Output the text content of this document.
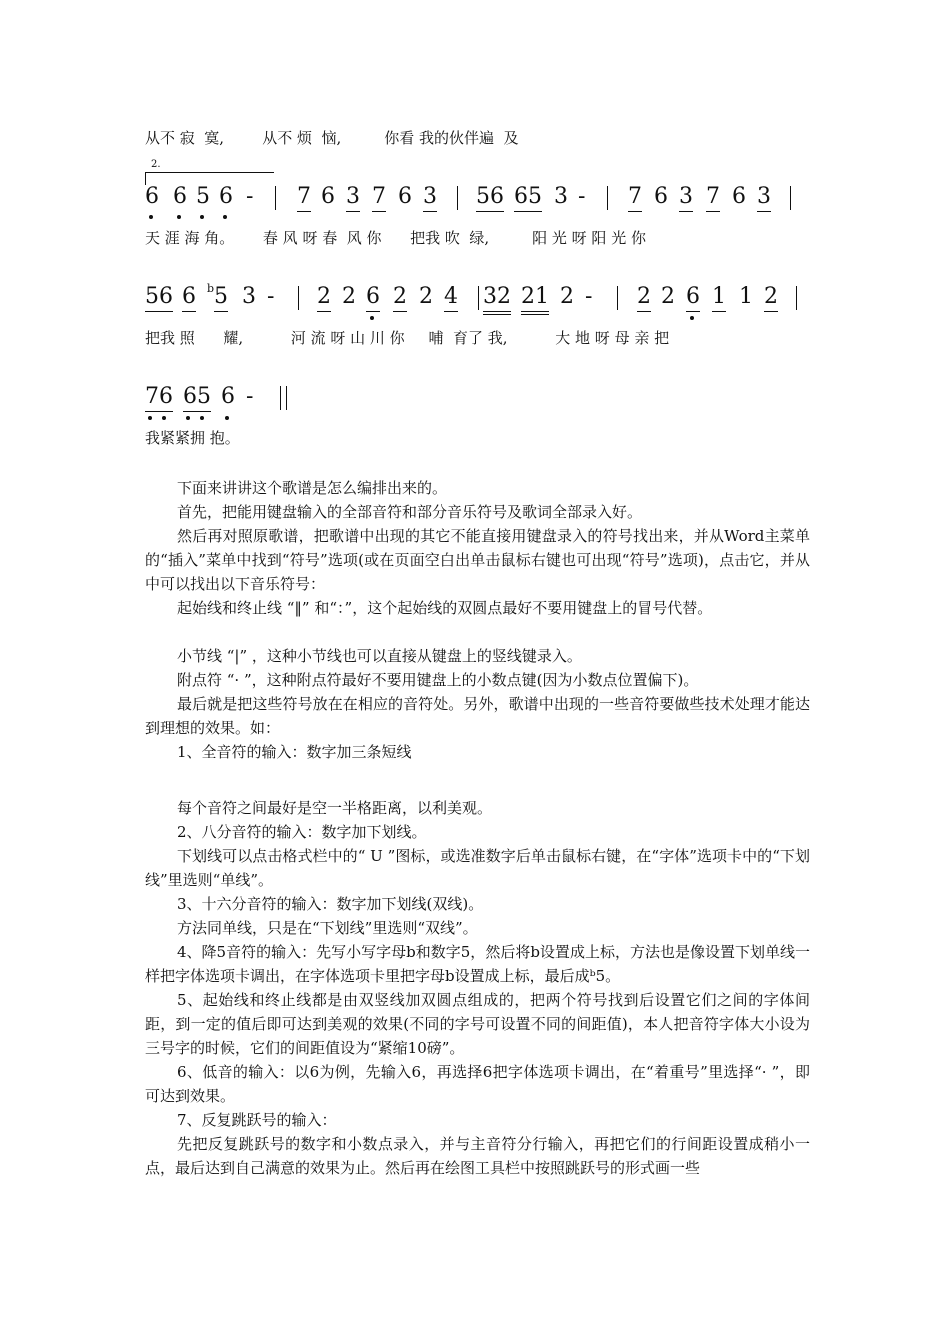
从不 寂  寞,        从不 烦  恼,         你看 我的伙伴遍  及
2.

6

6

5

6

-

7

6

3

7

6

3

56

65

3

-

7

6

3

7

6

3

天 涯 海 角。      春 风 呀 春  风 你      把我 吹  绿,         阳 光 呀 阳 光 你

56

6

b

5

3

-

2

2

6

2

2

4

32

21

2

-

2

2

6

1

1

2

把我 照      耀,          河 流 呀 山 川 你     哺  育了 我,          大 地 呀 母 亲 把

76

65

6

-

我紧紧拥 抱。
下面来讲讲这个歌谱是怎么编排出来的。
首先，把能用键盘输入的全部音符和部分音乐符号及歌词全部录入好。
然后再对照原歌谱，把歌谱中出现的其它不能直接用键盘录入的符号找出来，并从Word主菜单的“插入”菜单中找到“符号”选项(或在页面空白出单击鼠标右键也可出现“符号”选项)，点击它，并从中可以找出以下音乐符号：
起始线和终止线 “‖” 和“：”，这个起始线的双圆点最好不要用键盘上的冒号代替。
小节线 “|” ，这种小节线也可以直接从键盘上的竖线键录入。
附点符 “· ”，这种附点符最好不要用键盘上的小数点键(因为小数点位置偏下)。
最后就是把这些符号放在在相应的音符处。另外，歌谱中出现的一些音符要做些技术处理才能达到理想的效果。如：
1、全音符的输入：数字加三条短线
每个音符之间最好是空一半格距离，以利美观。
2、八分音符的输入：数字加下划线。
下划线可以点击格式栏中的“ U ”图标，或选准数字后单击鼠标右键，在“字体”选项卡中的“下划线”里选则“单线”。
3、十六分音符的输入：数字加下划线(双线)。
方法同单线，只是在“下划线”里选则“双线”。
4、降5音符的输入：先写小写字母b和数字5，然后将b设置成上标，方法也是像设置下划单线一样把字体选项卡调出，在字体选项卡里把字母b设置成上标，最后成ᵇ5。
5、起始线和终止线都是由双竖线加双圆点组成的，把两个符号找到后设置它们之间的字体间距，到一定的值后即可达到美观的效果(不同的字号可设置不同的间距值)，本人把音符字体大小设为三号字的时候，它们的间距值设为“紧缩10磅”。
6、低音的输入：以6为例，先输入6，再选择6把字体选项卡调出，在“着重号”里选择“· ”，即可达到效果。
7、反复跳跃号的输入：
先把反复跳跃号的数字和小数点录入，并与主音符分行输入，再把它们的行间距设置成稍小一点，最后达到自己满意的效果为止。然后再在绘图工具栏中按照跳跃号的形式画一些
